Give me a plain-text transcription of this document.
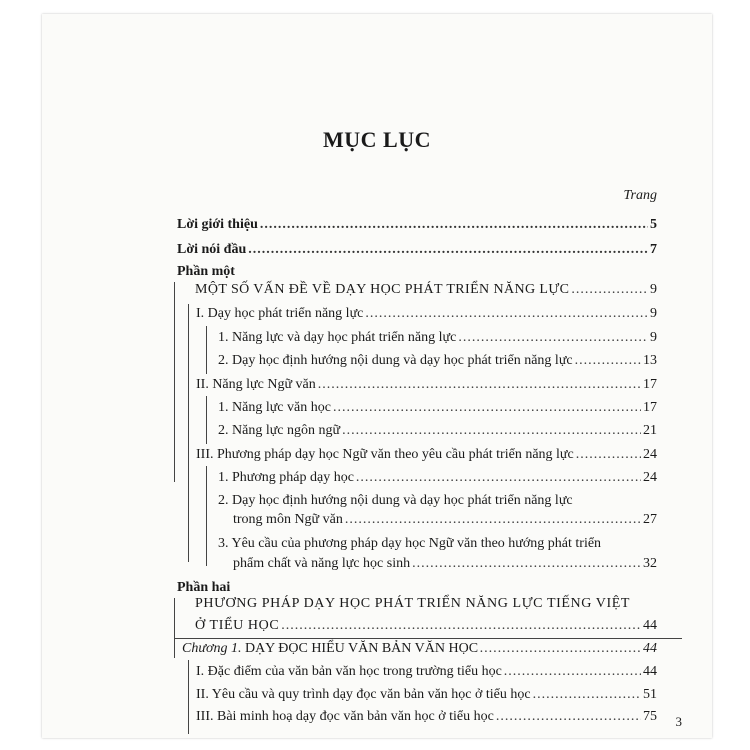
MỤC LỤC
Trang
Lời giới thiệu .....	5
Lời nói đầu .....	7
Phần một
MỘT SỐ VẤN ĐỀ VỀ DẠY HỌC PHÁT TRIỂN NĂNG LỰC .....	9
I. Dạy học phát triển năng lực .....	9
1. Năng lực và dạy học phát triển năng lực .....	9
2. Dạy học định hướng nội dung và dạy học phát triển năng lực .....	13
II. Năng lực Ngữ văn .....	17
1. Năng lực văn học .....	17
2. Năng lực ngôn ngữ .....	21
III. Phương pháp dạy học Ngữ văn theo yêu cầu phát triển năng lực .....	24
1. Phương pháp dạy học .....	24
2. Dạy học định hướng nội dung và dạy học phát triển năng lực
trong môn Ngữ văn .....	27
3. Yêu cầu của phương pháp dạy học Ngữ văn theo hướng phát triển
phẩm chất và năng lực học sinh .....	32
Phần hai
PHƯƠNG PHÁP DẠY HỌC PHÁT TRIỂN NĂNG LỰC TIẾNG VIỆT
Ở TIỂU HỌC .....	44
Chương 1. DẠY ĐỌC HIỂU VĂN BẢN VĂN HỌC .....	44
I. Đặc điểm của văn bản văn học trong trường tiểu học .....	44
II. Yêu cầu và quy trình dạy đọc văn bản văn học ở tiểu học .....	51
III. Bài minh hoạ dạy đọc văn bản văn học ở tiểu học .....	75 3
